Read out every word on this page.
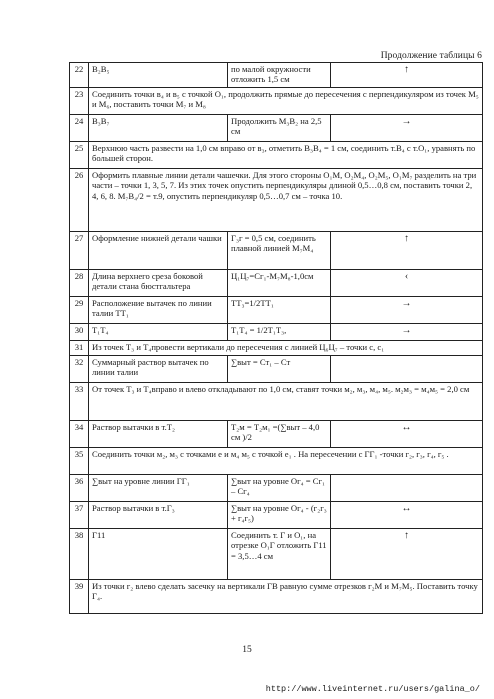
Продолжение таблицы 6
22	В₂В₅	по малой окружности отложить 1,5 см	↑
23	Соединить точки в₄ и в₅ с точкой О₁, продолжить прямые до пересечения с перпендикуляром из точек М₅ и М₆, поставить точки М₇ и М₈		
24	В₃В₇	Продолжить М₃В₂ на 2,5 см	→
25	Верхнюю часть развести на 1,0 см вправо от в₃, отметить В₃В₄ = 1 см, соединить т.В₄ с т.О₁, уравнять по большей сторон.		
26	Оформить плавные линии детали чашечки. Для этого стороны О₁М, О₂М₄, О₂М₅, О₁М₇ разделить на три части – точки 1, 3, 5, 7. Из этих точек опустить перпендикуляры длиной 0,5…0,8 см, поставить точки 2, 4, 6, 8. М₇В₄/2 = т.9, опустить перпендикуляр 0,5…0,7 см – точка 10.		
27	Оформление нижней детали чашки	Г₃г = 0,5 см, соединить плавной линией М₇М₄	↑
28	Длина верхнего среза боковой детали стана бюстгальтера	Ц₁Ц₇=Сг₁-М₇М₈-1,0см	‹
29	Расположение вытачек по линии талии ТТ₁	ТТ₃=1/2ТТ₁	→
30	Т₁Т₄	Т₁Т₄ = 1/2Т₁Т₃,	→
31	Из точек Т₃ и Т₄провести вертикали до пересечения с линией Ц₆Ц₇ – точки с, с₁		
32	Суммарный раствор вытачек по линии талии	∑выт = Ст₁ – Ст	
33	От точек Т₃ и Т₄вправо и влево откладывают по 1,0 см, ставят точки м₂, м₃, м₄, м₅. м₂м₃ = м₄м₅ = 2,0 см		
34	Раствор вытачки в т.Т₂	Т₂м = Т₂м₁ =(∑выт – 4,0 см )/2	↔
35	Соединить точки м₂, м₃ с точками е и м₄ м₅ с точкой е₁ . На пересечении с ГГ₁ -точки г₂, г₃, г₄, г₅ .		
36	∑выт на уровне линии ГГ₁	∑выт на уровне Ог₄ = Сг₁ – Сг₄	
37	Раствор вытачки в т.Г₃	∑выт на уровне Ог₄ - (г₂г₃ + г₄г₅)	↔
38	Г11	Соединить т. Г и О₁, на отрезке О₁Г отложить Г11 = 3,5…4 см	↑
39	Из точки г₂ влево сделать засечку на вертикали ГВ равную сумме отрезков г₂М и М₇М₅. Поставить точку Г₄.		
15
http://www.liveinternet.ru/users/galina_o/
